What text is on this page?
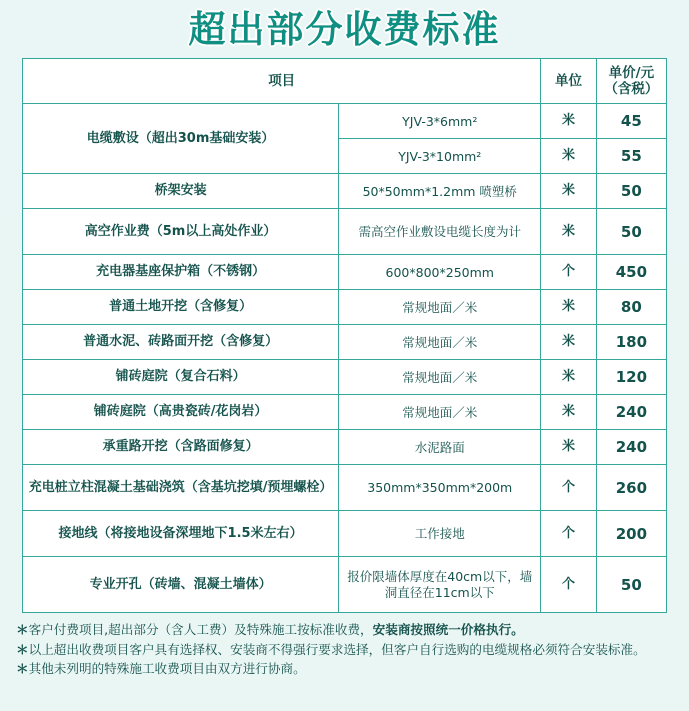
超出部分收费标准
项目		单位	单价/元
（含税）

电缆敷设（超出30m基础安装）	YJV-3*6mm²	米	45
	YJV-3*10mm²	米	55
桥架安装	50*50mm*1.2mm 喷塑桥	米	50
高空作业费（5m以上高处作业）	需高空作业敷设电缆长度为计	米	50
充电器基座保护箱（不锈钢）	600*800*250mm	个	450
普通土地开挖（含修复）	常规地面／米	米	80
普通水泥、砖路面开挖（含修复）	常规地面／米	米	180
铺砖庭院（复合石料）	常规地面／米	米	120
铺砖庭院（高贵瓷砖/花岗岩）	常规地面／米	米	240
承重路开挖（含路面修复）	水泥路面	米	240
充电桩立柱混凝土基础浇筑（含基坑挖填/预埋螺栓）	350mm*350mm*200m	个	260
接地线（将接地设备深埋地下1.5米左右）	工作接地	个	200
专业开孔（砖墙、混凝土墙体）	报价限墙体厚度在40cm以下，墙洞直径在11cm以下	个	50
＊客户付费项目,超出部分（含人工费）及特殊施工按标准收费，安装商按照统一价格执行。
＊以上超出收费项目客户具有选择权、安装商不得强行要求选择，但客户自行选购的电缆规格必须符合安装标准。
＊其他未列明的特殊施工收费项目由双方进行协商。
